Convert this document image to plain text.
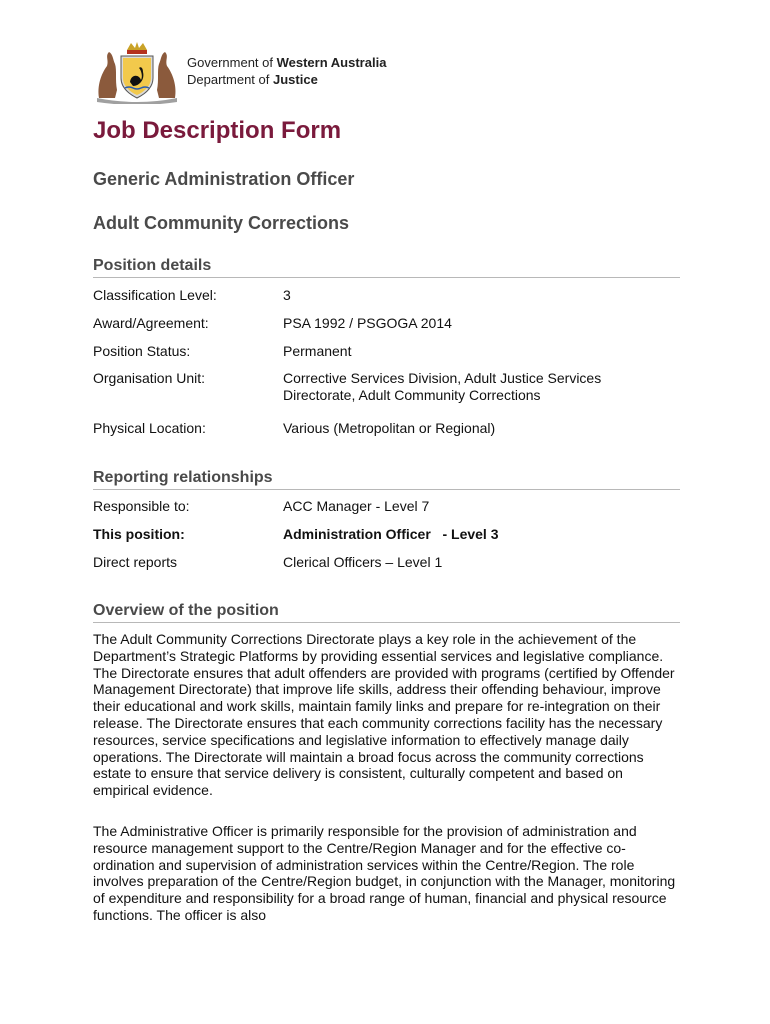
Government of Western Australia
Department of Justice
Job Description Form
Generic Administration Officer
Adult Community Corrections
Position details
Classification Level:	3
Award/Agreement:	PSA 1992 / PSGOGA 2014
Position Status:	Permanent
Organisation Unit:	Corrective Services Division, Adult Justice Services Directorate, Adult Community Corrections
Physical Location:	Various (Metropolitan or Regional)
Reporting relationships
Responsible to:	ACC Manager - Level 7
This position:	Administration Officer   - Level 3
Direct reports	Clerical Officers – Level 1
Overview of the position

The Adult Community Corrections Directorate plays a key role in the achievement of the Department’s Strategic Platforms by providing essential services and legislative compliance. The Directorate ensures that adult offenders are provided with programs (certified by Offender Management Directorate) that improve life skills, address their offending behaviour, improve their educational and work skills, maintain family links and prepare for re-integration on their release. The Directorate ensures that each community corrections facility has the necessary resources, service specifications and legislative information to effectively manage daily operations. The Directorate will maintain a broad focus across the community corrections estate to ensure that service delivery is consistent, culturally competent and based on empirical evidence.

The Administrative Officer is primarily responsible for the provision of administration and resource management support to the Centre/Region Manager and for the effective co-ordination and supervision of administration services within the Centre/Region. The role involves preparation of the Centre/Region budget, in conjunction with the Manager, monitoring of expenditure and responsibility for a broad range of human, financial and physical resource functions. The officer is also
